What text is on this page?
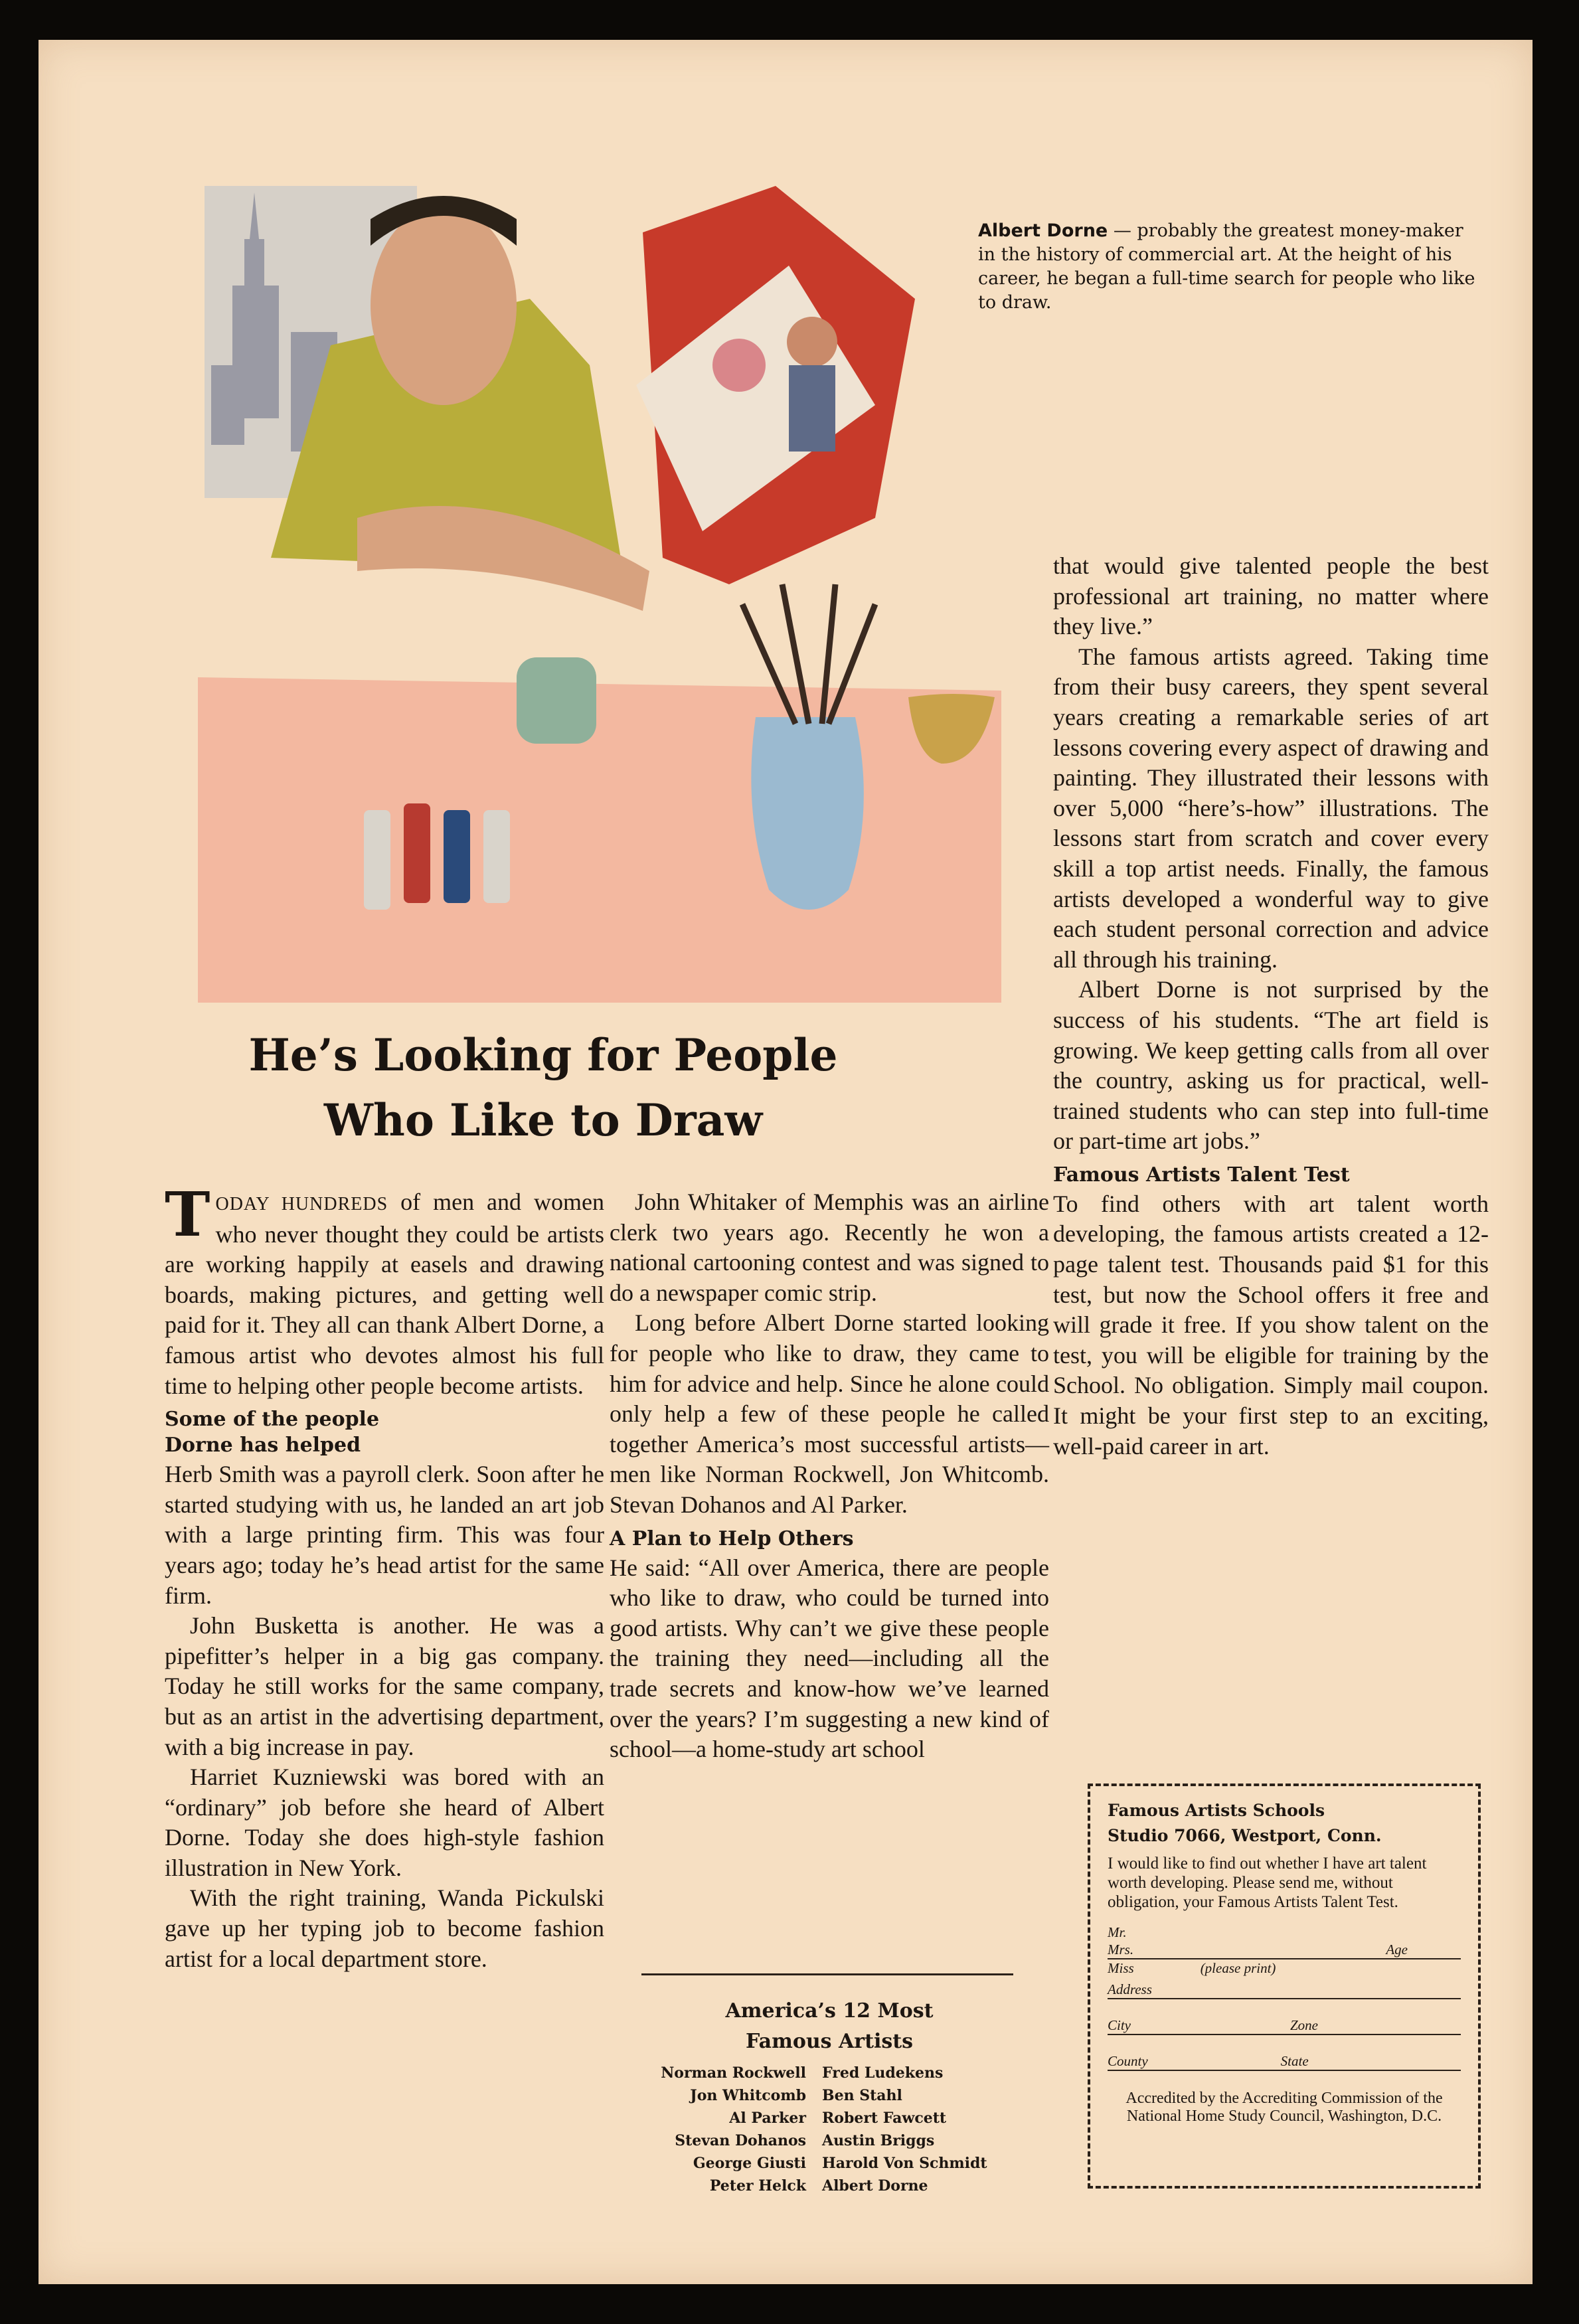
Albert Dorne — probably the greatest money-maker in the history of commercial art. At the height of his career, he began a full-time search for people who like to draw.
He’s Looking for People
Who Like to Draw

TODAY HUNDREDS of men and women who never thought they could be artists are working happily at easels and drawing boards, making pictures, and getting well paid for it. They all can thank Albert Dorne, a famous artist who devotes almost his full time to helping other people become artists.

Some of the people
Dorne has helped

Herb Smith was a payroll clerk. Soon after he started studying with us, he landed an art job with a large printing firm. This was four years ago; today he’s head artist for the same firm.

John Busketta is another. He was a pipefitter’s helper in a big gas company. Today he still works for the same company, but as an artist in the advertising department, with a big increase in pay.

Harriet Kuzniewski was bored with an “ordinary” job before she heard of Albert Dorne. Today she does high-style fashion illustration in New York.

With the right training, Wanda Pickulski gave up her typing job to become fashion artist for a local department store.

John Whitaker of Memphis was an airline clerk two years ago. Recently he won a national cartooning contest and was signed to do a newspaper comic strip.

Long before Albert Dorne started looking for people who like to draw, they came to him for advice and help. Since he alone could only help a few of these people he called together America’s most successful artists—men like Norman Rockwell, Jon Whitcomb. Stevan Dohanos and Al Parker.

A Plan to Help Others

He said: “All over America, there are people who like to draw, who could be turned into good artists. Why can’t we give these people the training they need—including all the trade secrets and know-how we’ve learned over the years? I’m suggesting a new kind of school—a home-study art school

America’s 12 Most
Famous Artists
Norman Rockwell	Fred Ludekens
Jon Whitcomb	Ben Stahl
Al Parker	Robert Fawcett
Stevan Dohanos	Austin Briggs
George Giusti	Harold Von Schmidt
Peter Helck	Albert Dorne

that would give talented people the best professional art training, no matter where they live.”

The famous artists agreed. Taking time from their busy careers, they spent several years creating a remarkable series of art lessons covering every aspect of drawing and painting. They illustrated their lessons with over 5,000 “here’s-how” illustrations. The lessons start from scratch and cover every skill a top artist needs. Finally, the famous artists developed a wonderful way to give each student personal correction and advice all through his training.

Albert Dorne is not surprised by the success of his students. “The art field is growing. We keep getting calls from all over the country, asking us for practical, well-trained students who can step into full-time or part-time art jobs.”

Famous Artists Talent Test

To find others with art talent worth developing, the famous artists created a 12-page talent test. Thousands paid $1 for this test, but now the School offers it free and will grade it free. If you show talent on the test, you will be eligible for training by the School. No obligation. Simply mail coupon. It might be your first step to an exciting, well-paid career in art.

Famous Artists Schools

Studio 7066, Westport, Conn.

I would like to find out whether I have art talent worth developing. Please send me, without obligation, your Famous Artists Talent Test.

Mr.
Mrs.	Age
Miss	(please print)
Address
City	Zone
County	State

Accredited by the Accrediting Commission of the National Home Study Council, Washington, D.C.
